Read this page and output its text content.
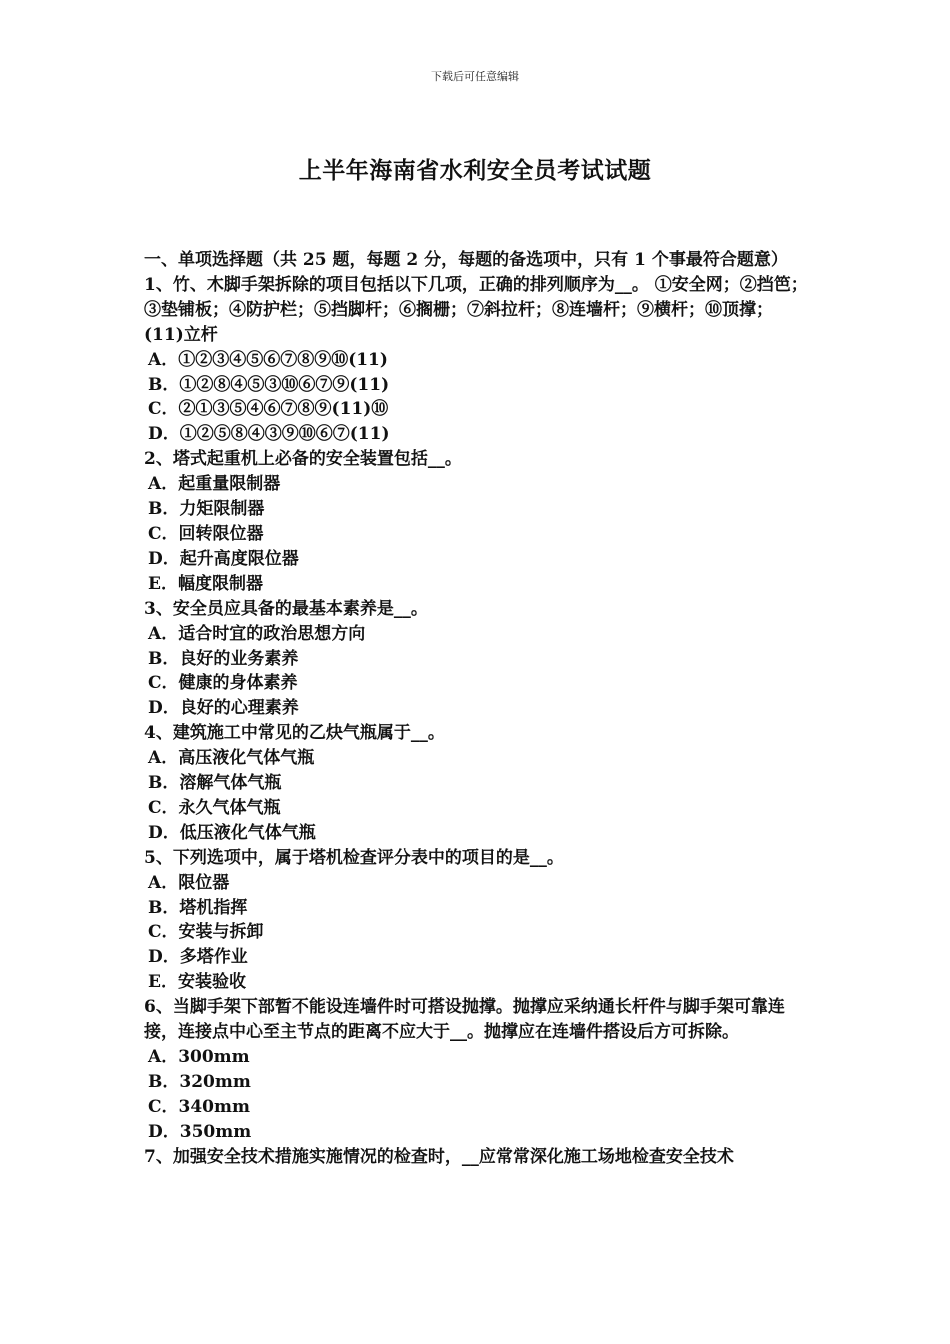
下载后可任意编辑
上半年海南省水利安全员考试试题
一、单项选择题（共 25 题，每题 2 分，每题的备选项中，只有 1 个事最符合题意）
1、竹、木脚手架拆除的项目包括以下几项，正确的排列顺序为__。 ①安全网；②挡笆；③垫铺板；④防护栏；⑤挡脚杆；⑥搁栅；⑦斜拉杆；⑧连墙杆；⑨横杆；⑩顶撑；(11)立杆
A．①②③④⑤⑥⑦⑧⑨⑩(11)
B．①②⑧④⑤③⑩⑥⑦⑨(11)
C．②①③⑤④⑥⑦⑧⑨(11)⑩
D．①②⑤⑧④③⑨⑩⑥⑦(11)
2、塔式起重机上必备的安全装置包括__。
A．起重量限制器
B．力矩限制器
C．回转限位器
D．起升高度限位器
E．幅度限制器
3、安全员应具备的最基本素养是__。
A．适合时宜的政治思想方向
B．良好的业务素养
C．健康的身体素养
D．良好的心理素养
4、建筑施工中常见的乙炔气瓶属于__。
A．高压液化气体气瓶
B．溶解气体气瓶
C．永久气体气瓶
D．低压液化气体气瓶
5、下列选项中，属于塔机检查评分表中的项目的是__。
A．限位器
B．塔机指挥
C．安装与拆卸
D．多塔作业
E．安装验收
6、当脚手架下部暂不能设连墙件时可搭设抛撑。抛撑应采纳通长杆件与脚手架可靠连接，连接点中心至主节点的距离不应大于__。抛撑应在连墙件搭设后方可拆除。
A．300mm
B．320mm
C．340mm
D．350mm
7、加强安全技术措施实施情况的检查时，__应常常深化施工场地检查安全技术
